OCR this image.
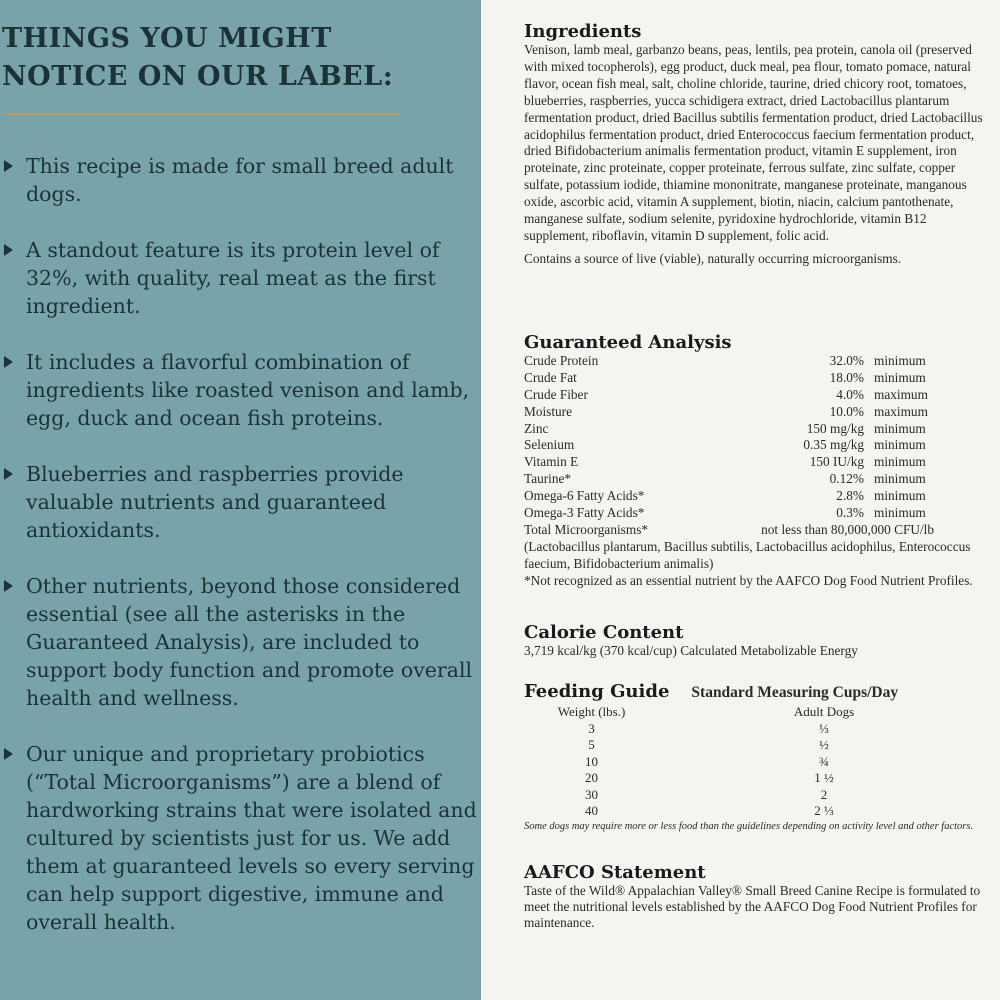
THINGS YOU MIGHT
NOTICE ON OUR LABEL:
This recipe is made for small breed adult dogs.
A standout feature is its protein level of 32%, with quality, real meat as the first ingredient.
It includes a flavorful combination of ingredients like roasted venison and lamb, egg, duck and ocean fish proteins.
Blueberries and raspberries provide valuable nutrients and guaranteed antioxidants.
Other nutrients, beyond those considered essential (see all the asterisks in the Guaranteed Analysis), are included to support body function and promote overall health and wellness.
Our unique and proprietary probiotics (“Total Microorganisms”) are a blend of hardworking strains that were isolated and cultured by scientists just for us. We add them at guaranteed levels so every serving can help support digestive, immune and overall health.
Ingredients

Venison, lamb meal, garbanzo beans, peas, lentils, pea protein, canola oil (preserved with mixed tocopherols), egg product, duck meal, pea flour, tomato pomace, natural flavor, ocean fish meal, salt, choline chloride, taurine, dried chicory root, tomatoes, blueberries, raspberries, yucca schidigera extract, dried Lactobacillus plantarum fermentation product, dried Bacillus subtilis fermentation product, dried Lactobacillus acidophilus fermentation product, dried Enterococcus faecium fermentation product, dried Bifidobacterium animalis fermentation product, vitamin E supplement, iron proteinate, zinc proteinate, copper proteinate, ferrous sulfate, zinc sulfate, copper sulfate, potassium iodide, thiamine mononitrate, manganese proteinate, manganous oxide, ascorbic acid, vitamin A supplement, biotin, niacin, calcium pantothenate, manganese sulfate, sodium selenite, pyridoxine hydrochloride, vitamin B12 supplement, riboflavin, vitamin D supplement, folic acid.

Contains a source of live (viable), naturally occurring microorganisms.

Guaranteed Analysis
Crude Protein	32.0% minimum
Crude Fat	18.0% minimum
Crude Fiber	4.0% maximum
Moisture	10.0% maximum
Zinc	150 mg/kg minimum
Selenium	0.35 mg/kg minimum
Vitamin E	150 IU/kg minimum
Taurine*	0.12% minimum
Omega-6 Fatty Acids*	2.8% minimum
Omega-3 Fatty Acids*	0.3% minimum
Total Microorganisms*	not less than 80,000,000 CFU/lb

(Lactobacillus plantarum, Bacillus subtilis, Lactobacillus acidophilus, Enterococcus faecium, Bifidobacterium animalis)

*Not recognized as an essential nutrient by the AAFCO Dog Food Nutrient Profiles.

Calorie Content

3,719 kcal/kg (370 kcal/cup) Calculated Metabolizable Energy

Feeding Guide Standard Measuring Cups/Day
Weight (lbs.)	Adult Dogs
3	⅓
5	½
10	¾
20	1 ½
30	2
40	2 ⅓

Some dogs may require more or less food than the guidelines depending on activity level and other factors.

AAFCO Statement

Taste of the Wild® Appalachian Valley® Small Breed Canine Recipe is formulated to meet the nutritional levels established by the AAFCO Dog Food Nutrient Profiles for maintenance.
